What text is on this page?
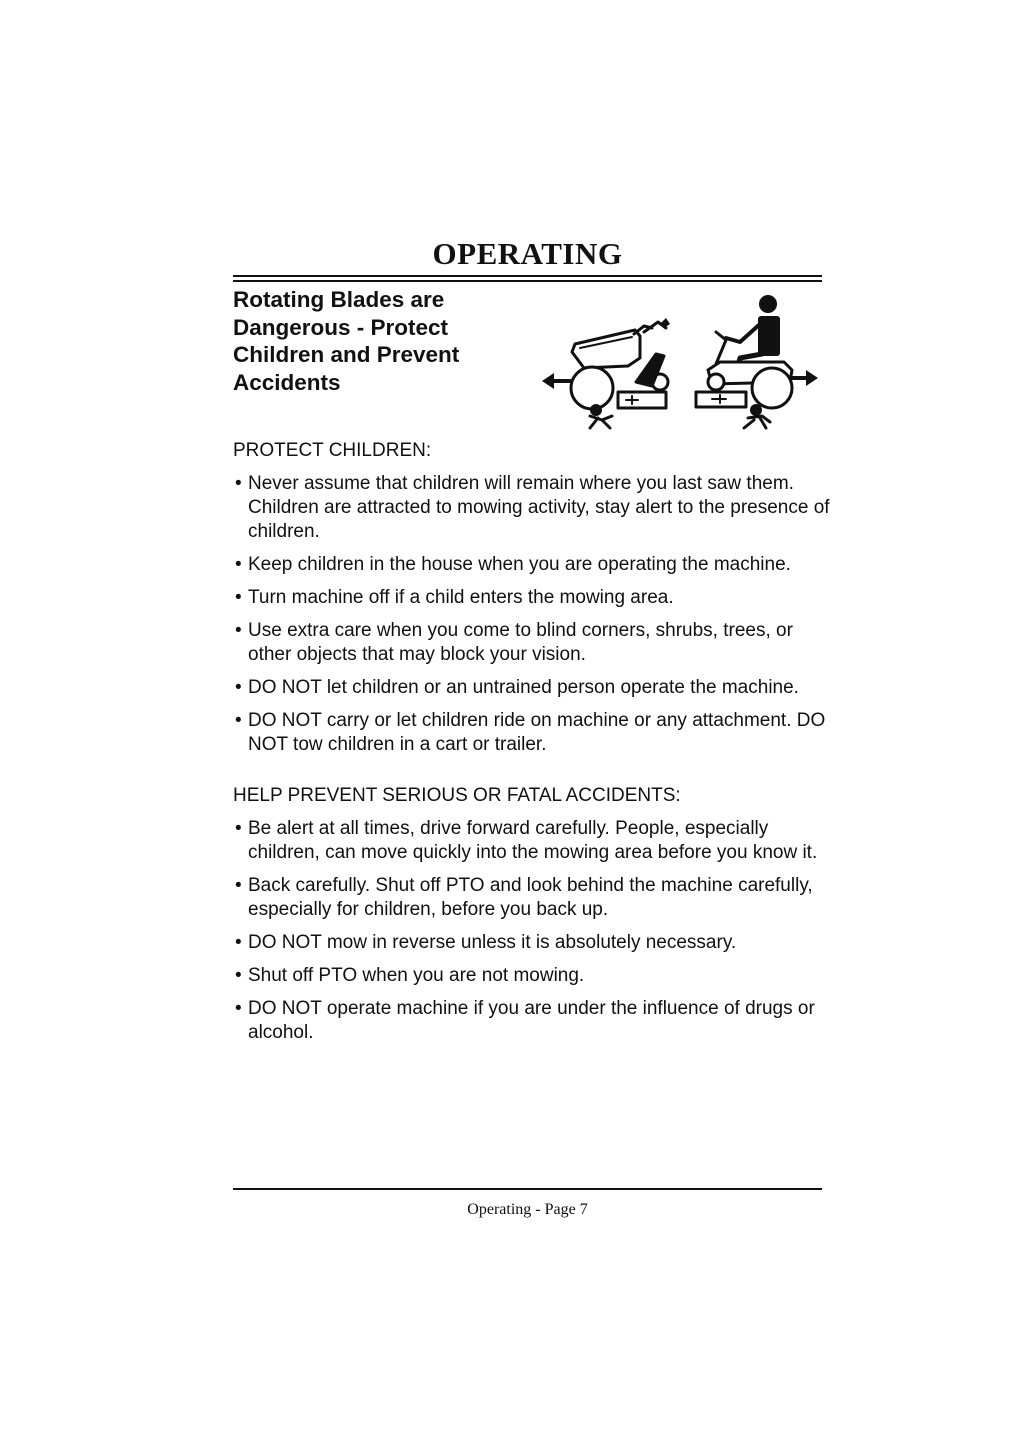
OPERATING
Rotating Blades are
Dangerous - Protect
Children and Prevent
Accidents

PROTECT CHILDREN:

• Never assume that children will remain where you last saw them. Children are attracted to mowing activity, stay alert to the presence of children.
• Keep children in the house when you are operating the machine.
• Turn machine off if a child enters the mowing area.
• Use extra care when you come to blind corners, shrubs, trees, or other objects that may block your vision.
• DO NOT let children or an untrained person operate the machine.
• DO NOT carry or let children ride on machine or any attachment. DO NOT tow children in a cart or trailer.

HELP PREVENT SERIOUS OR FATAL ACCIDENTS:

• Be alert at all times, drive forward carefully. People, especially children, can move quickly into the mowing area before you know it.
• Back carefully. Shut off PTO and look behind the machine carefully, especially for children, before you back up.
• DO NOT mow in reverse unless it is absolutely necessary.
• Shut off PTO when you are not mowing.
• DO NOT operate machine if you are under the influence of drugs or alcohol.
Operating - Page 7
